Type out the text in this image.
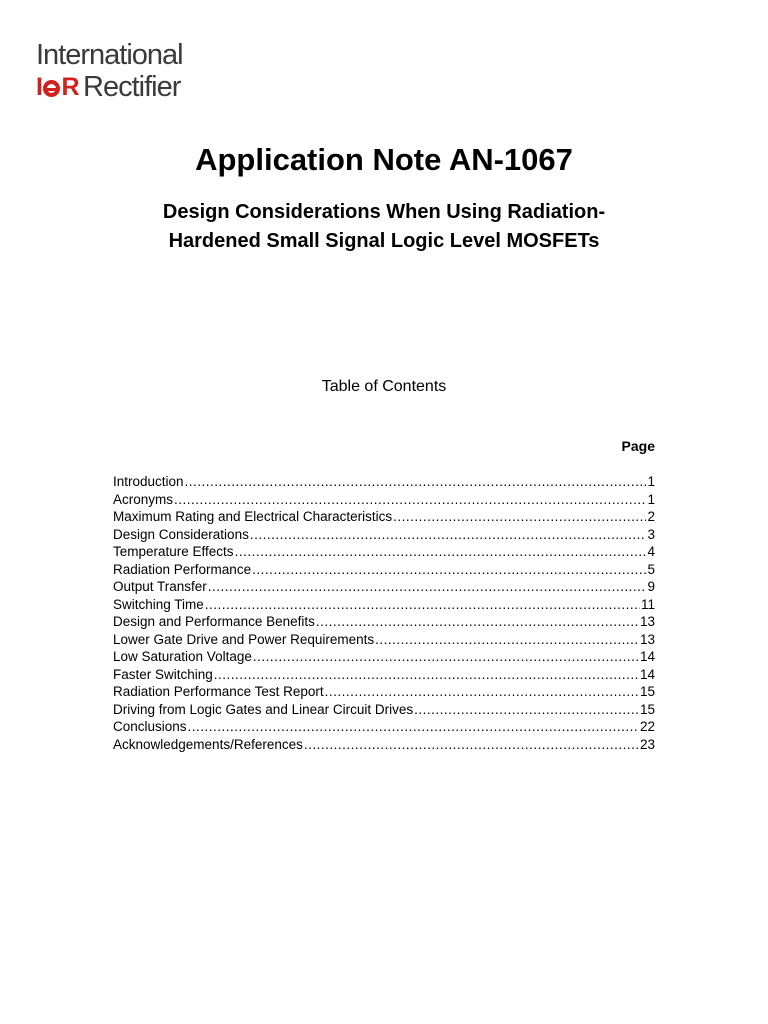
International
I R Rectifier
Application Note AN-1067
Design Considerations When Using Radiation-
Hardened Small Signal Logic Level MOSFETs
Table of Contents
Page
Introduction .....	1
Acronyms .....	1
Maximum Rating and Electrical Characteristics .....	2
Design Considerations .....	3
Temperature Effects .....	4
Radiation Performance .....	5
Output Transfer .....	9
Switching Time .....	11
Design and Performance Benefits .....	13
Lower Gate Drive and Power Requirements .....	13
Low Saturation Voltage .....	14
Faster Switching .....	14
Radiation Performance Test Report .....	15
Driving from Logic Gates and Linear Circuit Drives .....	15
Conclusions .....	22
Acknowledgements/References .....	23
